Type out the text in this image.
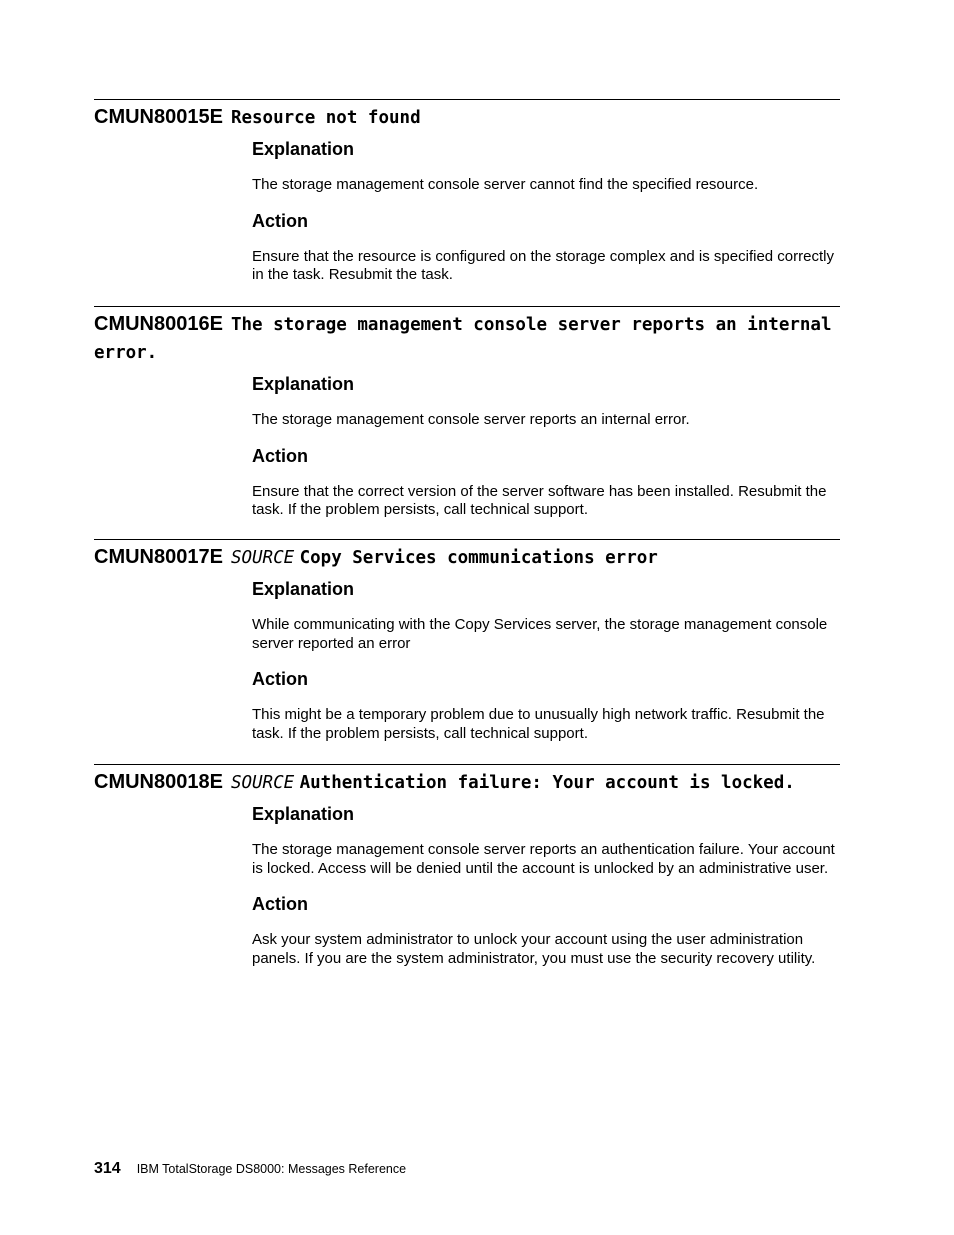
CMUN80015E Resource not found
Explanation

The storage management console server cannot find the specified resource.

Action

Ensure that the resource is configured on the storage complex and is specified correctly in the task. Resubmit the task.

CMUN80016E The storage management console server reports an internal error.
Explanation

The storage management console server reports an internal error.

Action

Ensure that the correct version of the server software has been installed. Resubmit the task. If the problem persists, call technical support.

CMUN80017E SOURCE Copy Services communications error
Explanation

While communicating with the Copy Services server, the storage management console server reported an error

Action

This might be a temporary problem due to unusually high network traffic. Resubmit the task. If the problem persists, call technical support.

CMUN80018E SOURCE Authentication failure: Your account is locked.
Explanation

The storage management console server reports an authentication failure. Your account is locked. Access will be denied until the account is unlocked by an administrative user.

Action

Ask your system administrator to unlock your account using the user administration panels. If you are the system administrator, you must use the security recovery utility.

314 IBM TotalStorage DS8000: Messages Reference
